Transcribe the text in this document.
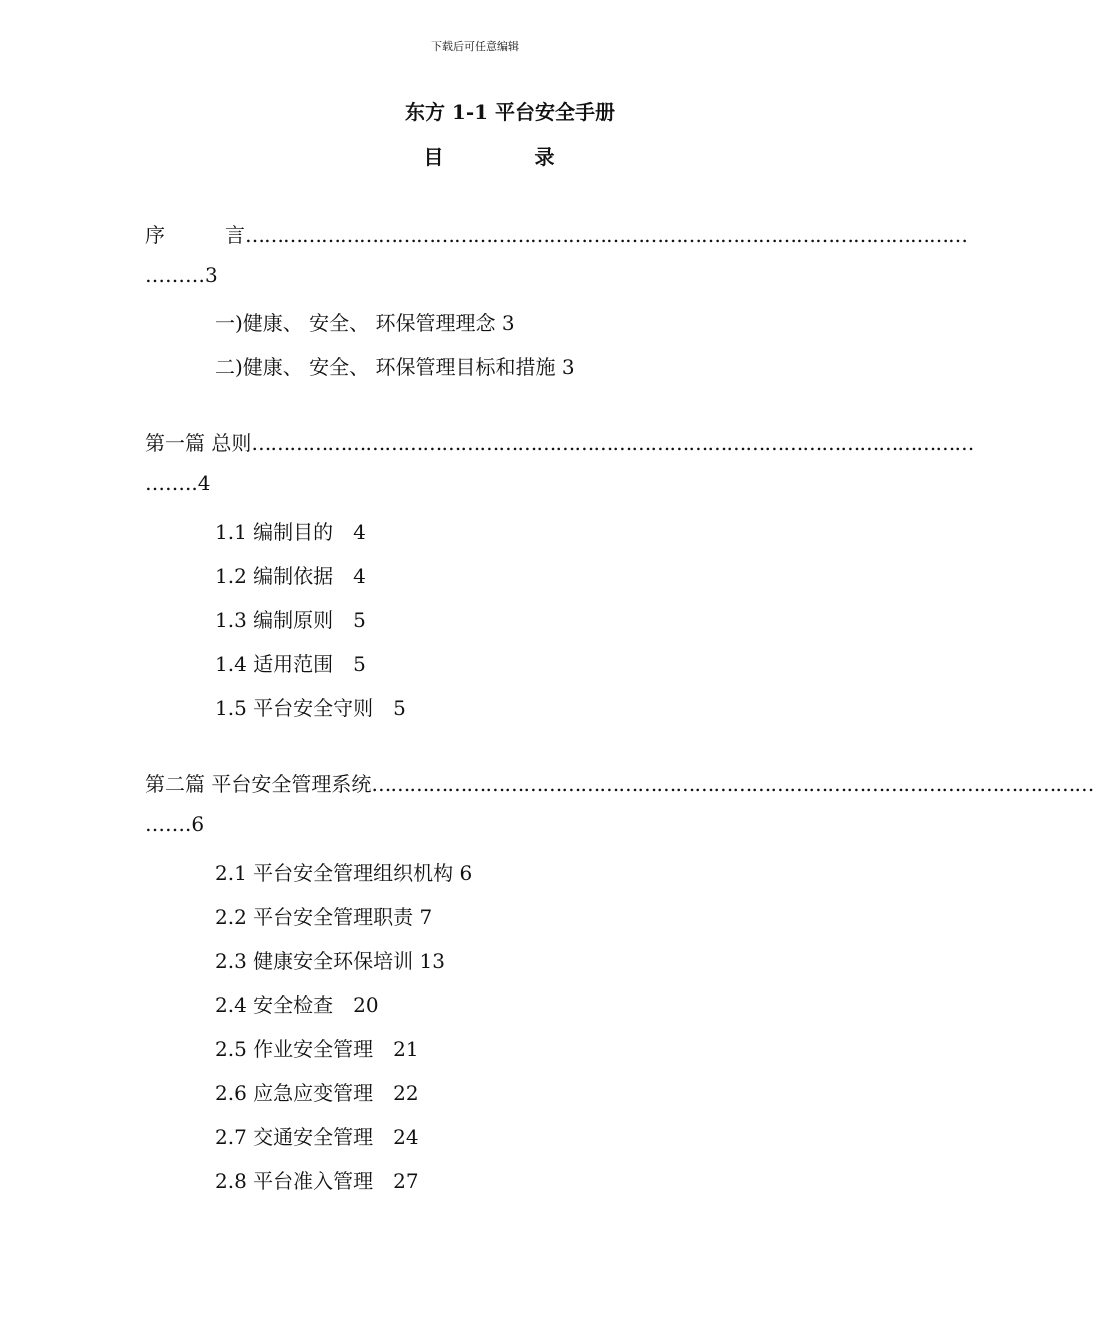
下载后可任意编辑
东方 1-1 平台安全手册
目 录
序　　　言 ……………………………………………………………………………………………………
………3
一)健康、 安全、 环保管理理念 3
二)健康、 安全、 环保管理目标和措施 3
第一篇 总则 ……………………………………………………………………………………………………
……..4
1.1 编制目的　4
1.2 编制依据　4
1.3 编制原则　5
1.4 适用范围　5
1.5 平台安全守则　5
第二篇 平台安全管理系统 ……………………………………………………………………………………………………
…….6
2.1 平台安全管理组织机构 6
2.2 平台安全管理职责 7
2.3 健康安全环保培训 13
2.4 安全检查　20
2.5 作业安全管理　21
2.6 应急应变管理　22
2.7 交通安全管理　24
2.8 平台准入管理　27
